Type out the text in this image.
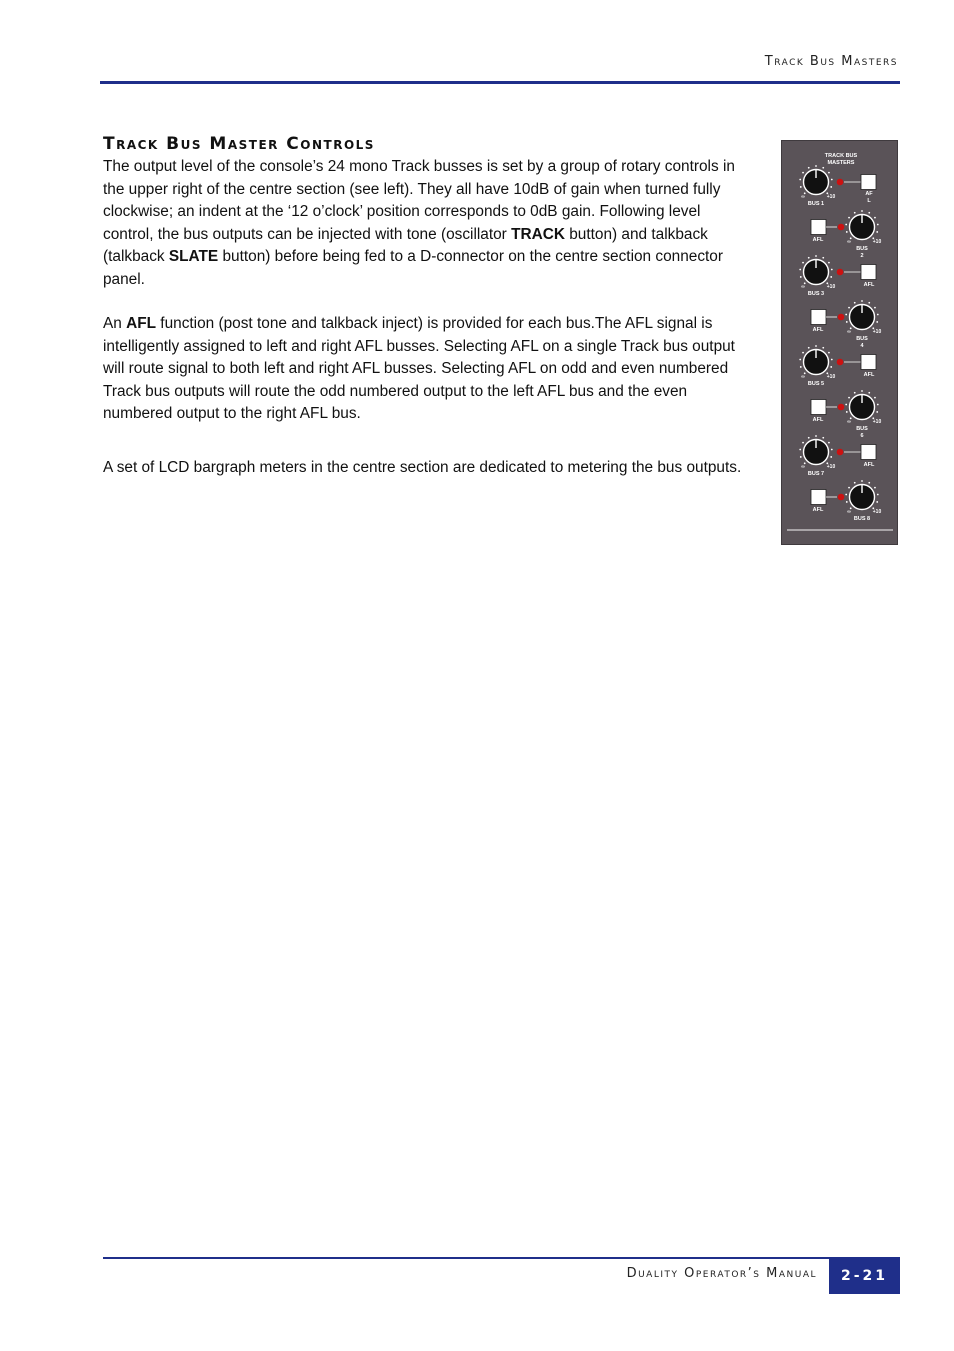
Track Bus Masters
Track Bus Master Controls

The output level of the console’s 24 mono Track busses is set by a group of rotary controls in the upper right of the centre section (see left). They all have 10dB of gain when turned fully clockwise; an indent at the ‘12 o’clock’ position corresponds to 0dB gain. Following level control, the bus outputs can be injected with tone (oscillator TRACK button) and talkback (talkback SLATE button) before being fed to a D-connector on the centre section connector panel.

An AFL function (post tone and talkback inject) is provided for each bus.The AFL signal is intelligently assigned to left and right AFL busses. Selecting AFL on a single Track bus output will route signal to both left and right AFL busses. Selecting AFL on odd and even numbered Track bus outputs will route the odd numbered output to the left AFL bus and the even numbered output to the right AFL bus.

A set of LCD bargraph meters in the centre section are dedicated to metering the bus outputs.

TRACK BUS
MASTERS
∞	+10	AF
L
BUS 1
AFL	∞	+10
BUS
2
∞	+10	AFL
BUS 3
AFL	∞	+10
BUS
4
∞	+10	AFL
BUS 5
AFL	∞	+10
BUS
6
∞	+10	AFL
BUS 7
AFL	∞	+10
BUS 8
Duality Operator’s Manual	2-21
